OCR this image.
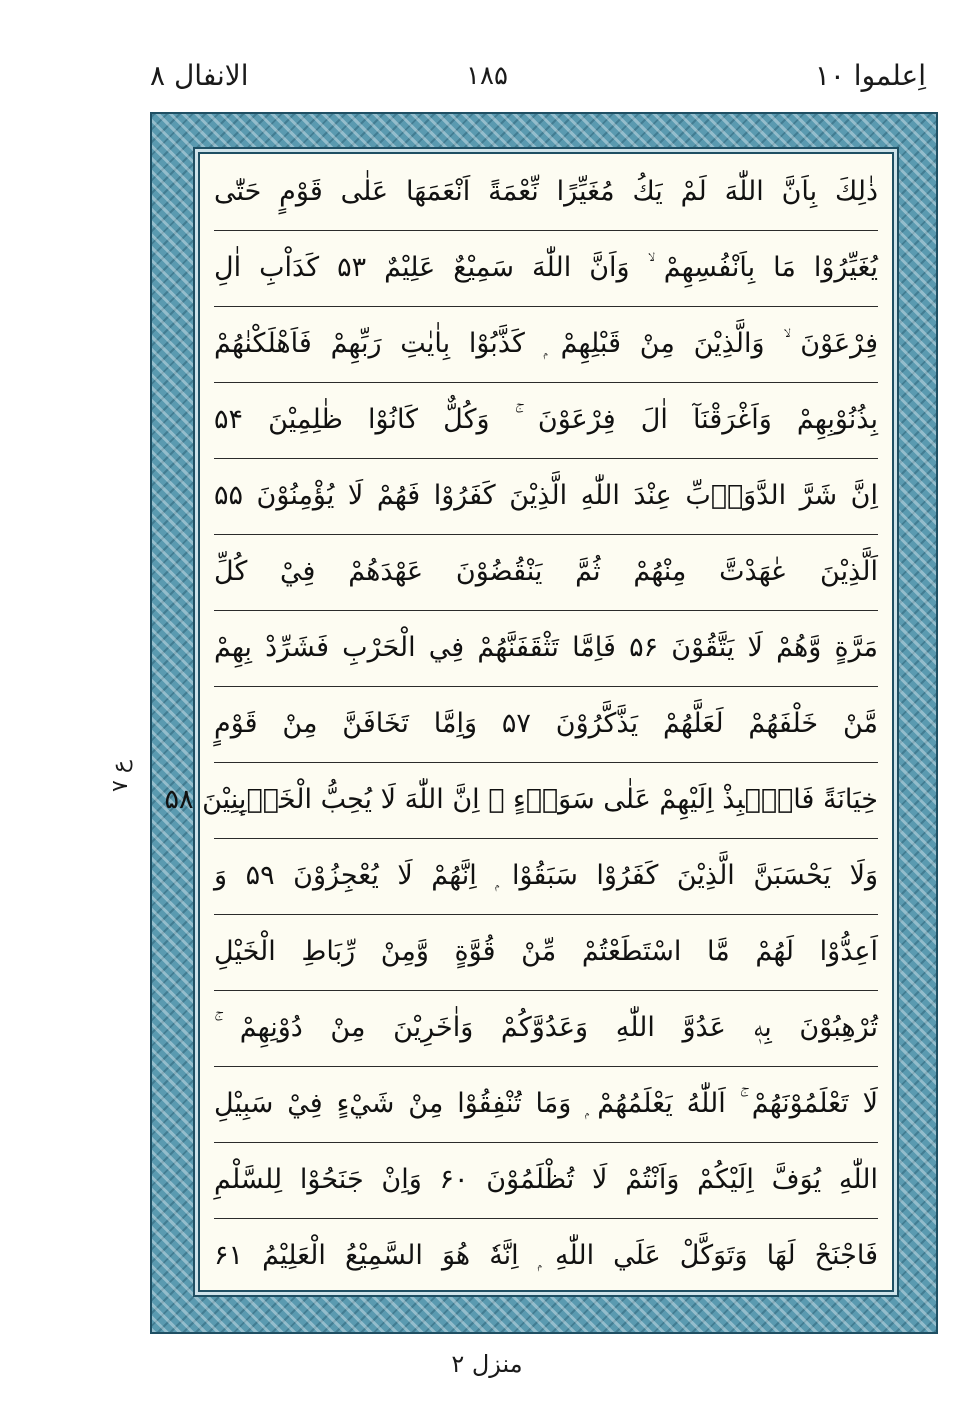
اِعلموا ۱۰
۱۸۵
الانفال ۸
ع ۷
ذٰلِكَ بِاَنَّ اللّٰهَ لَمْ يَكُ مُغَيِّرًا نِّعْمَةً اَنْعَمَهَا عَلٰى قَوْمٍ حَتّٰى
يُغَيِّرُوْا مَا بِاَنْفُسِهِمْ ۙ وَاَنَّ اللّٰهَ سَمِيْعٌ عَلِيْمٌ ۵۳ كَدَاْبِ اٰلِ
فِرْعَوْنَ ۙ وَالَّذِيْنَ مِنْ قَبْلِهِمْ ۭ كَذَّبُوْا بِاٰيٰتِ رَبِّهِمْ فَاَهْلَكْنٰهُمْ
بِذُنُوْبِهِمْ وَاَغْرَقْنَآ اٰلَ فِرْعَوْنَ ۚ وَكُلٌّ كَانُوْا ظٰلِمِيْنَ ۵۴
اِنَّ شَرَّ الدَّوَاۗبِّ عِنْدَ اللّٰهِ الَّذِيْنَ كَفَرُوْا فَهُمْ لَا يُؤْمِنُوْنَ ۵۵
اَلَّذِيْنَ عٰهَدْتَّ مِنْهُمْ ثُمَّ يَنْقُضُوْنَ عَهْدَهُمْ فِيْ كُلِّ
مَرَّةٍ وَّهُمْ لَا يَتَّقُوْنَ ۵۶ فَاِمَّا تَثْقَفَنَّهُمْ فِي الْحَرْبِ فَشَرِّدْ بِهِمْ
مَّنْ خَلْفَهُمْ لَعَلَّهُمْ يَذَّكَّرُوْنَ ۵۷ وَاِمَّا تَخَافَنَّ مِنْ قَوْمٍ
خِيَانَةً فَانْۢبِذْ اِلَيْهِمْ عَلٰى سَوَاۗءٍ ۭ اِنَّ اللّٰهَ لَا يُحِبُّ الْخَاۗىِٕنِيْنَ ۵۸
وَلَا يَحْسَبَنَّ الَّذِيْنَ كَفَرُوْا سَبَقُوْا ۭ اِنَّهُمْ لَا يُعْجِزُوْنَ ۵۹ وَ
اَعِدُّوْا لَهُمْ مَّا اسْتَطَعْتُمْ مِّنْ قُوَّةٍ وَّمِنْ رِّبَاطِ الْخَيْلِ
تُرْهِبُوْنَ بِهٖ عَدُوَّ اللّٰهِ وَعَدُوَّكُمْ وَاٰخَرِيْنَ مِنْ دُوْنِهِمْ ۚ
لَا تَعْلَمُوْنَهُمْ ۚ اَللّٰهُ يَعْلَمُهُمْ ۭ وَمَا تُنْفِقُوْا مِنْ شَيْءٍ فِيْ سَبِيْلِ
اللّٰهِ يُوَفَّ اِلَيْكُمْ وَاَنْتُمْ لَا تُظْلَمُوْنَ ۶۰ وَاِنْ جَنَحُوْا لِلسَّلْمِ
فَاجْنَحْ لَهَا وَتَوَكَّلْ عَلَي اللّٰهِ ۭ اِنَّهٗ هُوَ السَّمِيْعُ الْعَلِيْمُ ۶۱
منزل ۲
